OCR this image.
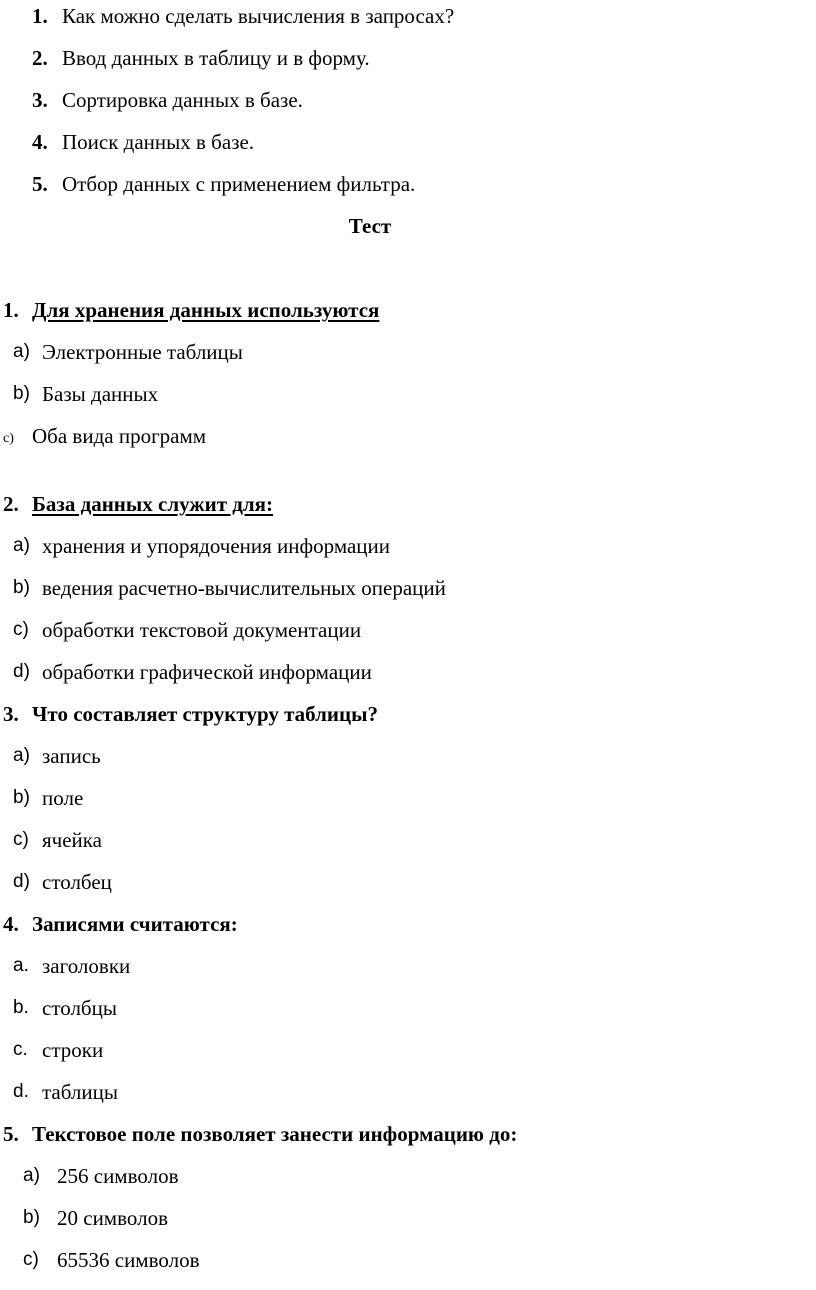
1. Как можно сделать вычисления в запросах?
2. Ввод данных в таблицу и в форму.
3. Сортировка данных в базе.
4. Поиск данных в базе.
5. Отбор данных с применением фильтра.
Тест
1. Для хранения данных используются
a) Электронные таблицы
b) Базы данных
c) Оба вида программ
2. База данных служит для:
a) хранения и упорядочения информации
b) ведения расчетно-вычислительных операций
c) обработки текстовой документации
d) обработки графической информации
3. Что составляет структуру таблицы?
a) запись
b) поле
c) ячейка
d) столбец
4. Записями считаются:
a. заголовки
b. столбцы
c. строки
d. таблицы
5. Текстовое поле позволяет занести информацию до:
a) 256 символов
b) 20 символов
c) 65536 символов
